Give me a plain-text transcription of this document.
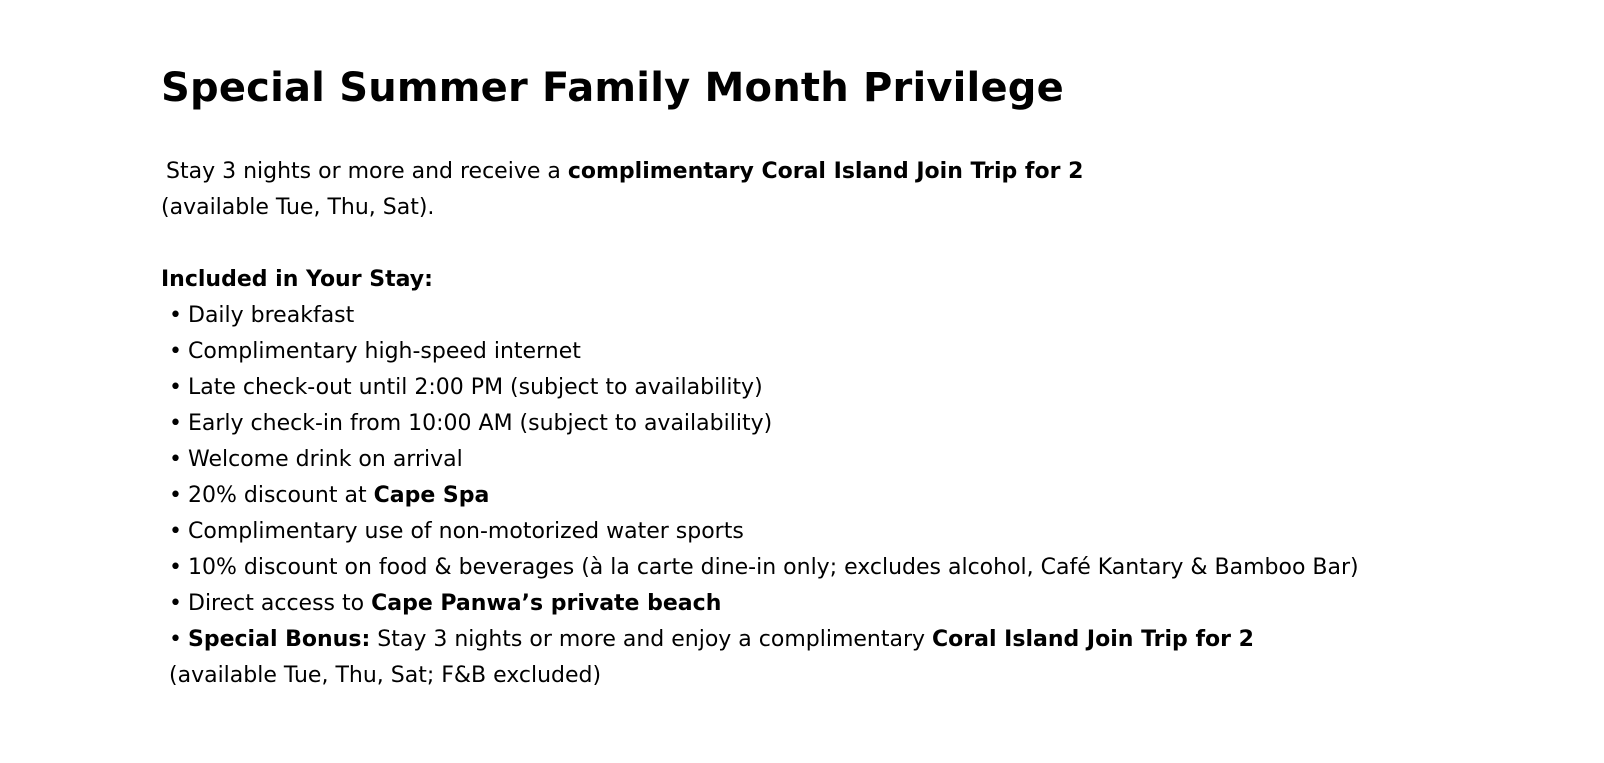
Special Summer Family Month Privilege

Stay 3 nights or more and receive a complimentary Coral Island Join Trip for 2
(available Tue, Thu, Sat).

Included in Your Stay:

• Daily breakfast
• Complimentary high-speed internet
• Late check-out until 2:00 PM (subject to availability)
• Early check-in from 10:00 AM (subject to availability)
• Welcome drink on arrival
• 20% discount at Cape Spa
• Complimentary use of non-motorized water sports
• 10% discount on food & beverages (à la carte dine-in only; excludes alcohol, Café Kantary & Bamboo Bar)
• Direct access to Cape Panwa’s private beach
• Special Bonus: Stay 3 nights or more and enjoy a complimentary Coral Island Join Trip for 2
(available Tue, Thu, Sat; F&B excluded)
